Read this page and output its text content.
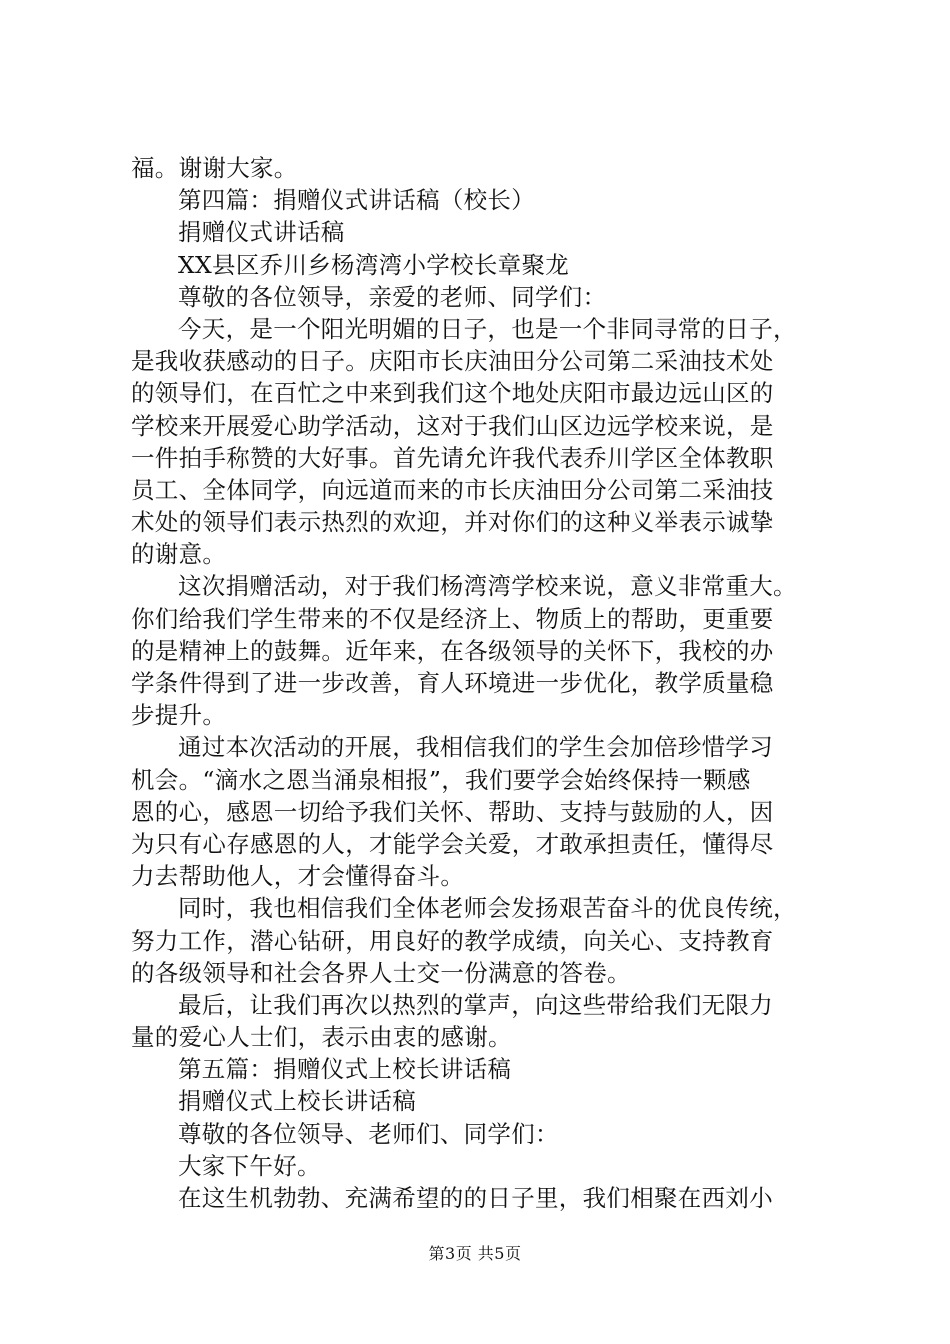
福。谢谢大家。
第四篇：捐赠仪式讲话稿（校长）
捐赠仪式讲话稿
XX县区乔川乡杨湾湾小学校长章聚龙
尊敬的各位领导，亲爱的老师、同学们：
今天，是一个阳光明媚的日子，也是一个非同寻常的日子，
是我收获感动的日子。庆阳市长庆油田分公司第二采油技术处
的领导们，在百忙之中来到我们这个地处庆阳市最边远山区的
学校来开展爱心助学活动，这对于我们山区边远学校来说，是
一件拍手称赞的大好事。首先请允许我代表乔川学区全体教职
员工、全体同学，向远道而来的市长庆油田分公司第二采油技
术处的领导们表示热烈的欢迎，并对你们的这种义举表示诚挚
的谢意。
这次捐赠活动，对于我们杨湾湾学校来说，意义非常重大。
你们给我们学生带来的不仅是经济上、物质上的帮助，更重要
的是精神上的鼓舞。近年来，在各级领导的关怀下，我校的办
学条件得到了进一步改善，育人环境进一步优化，教学质量稳
步提升。
通过本次活动的开展，我相信我们的学生会加倍珍惜学习
机会。“滴水之恩当涌泉相报”，我们要学会始终保持一颗感
恩的心，感恩一切给予我们关怀、帮助、支持与鼓励的人，因
为只有心存感恩的人，才能学会关爱，才敢承担责任，懂得尽
力去帮助他人，才会懂得奋斗。
同时，我也相信我们全体老师会发扬艰苦奋斗的优良传统，
努力工作，潜心钻研，用良好的教学成绩，向关心、支持教育
的各级领导和社会各界人士交一份满意的答卷。
最后，让我们再次以热烈的掌声，向这些带给我们无限力
量的爱心人士们，表示由衷的感谢。
第五篇：捐赠仪式上校长讲话稿
捐赠仪式上校长讲话稿
尊敬的各位领导、老师们、同学们：
大家下午好。
在这生机勃勃、充满希望的的日子里，我们相聚在西刘小
第3页 共5页
